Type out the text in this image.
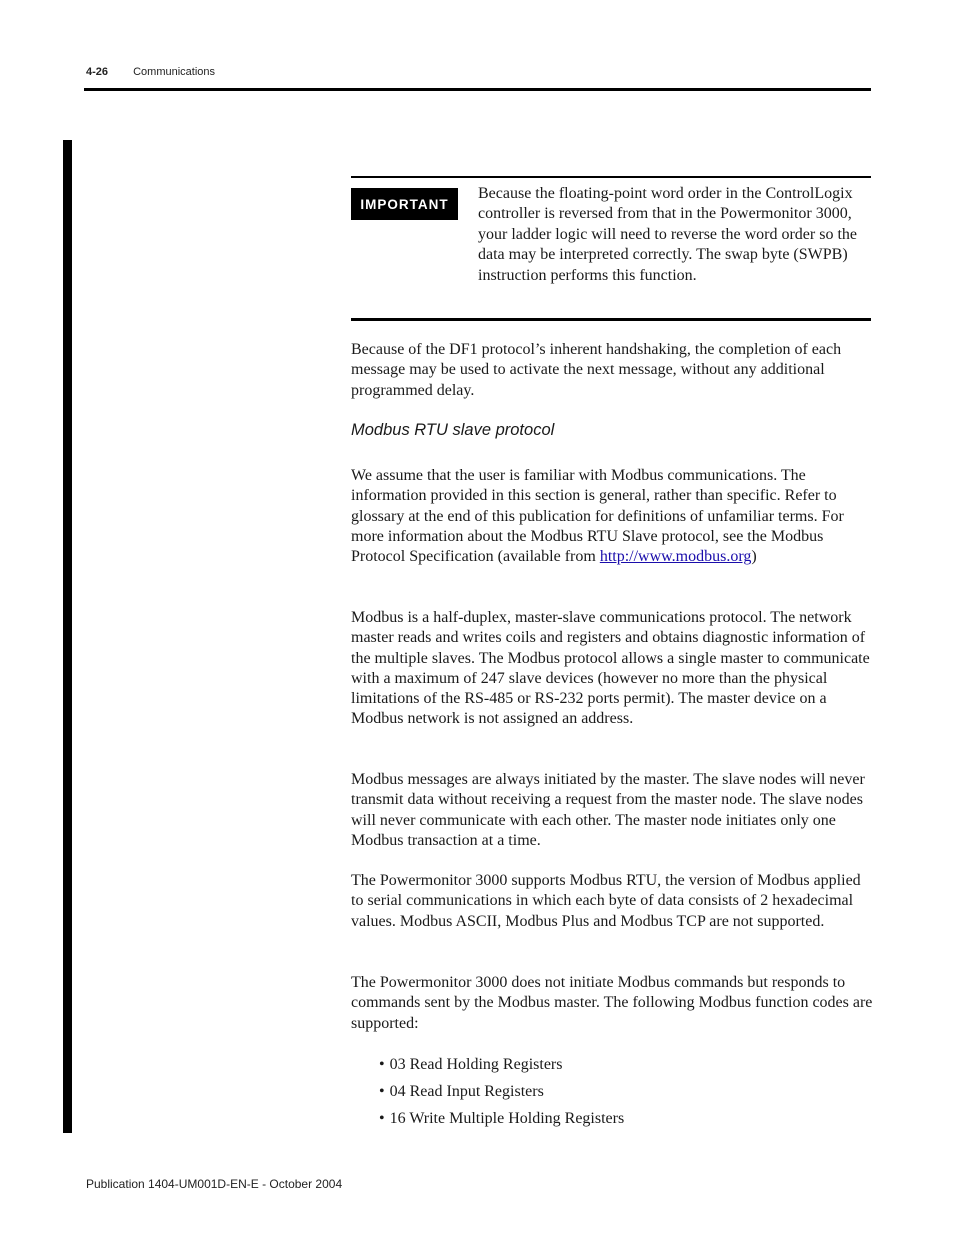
4-26 Communications
IMPORTANT
Because the floating-point word order in the ControlLogix controller is reversed from that in the Powermonitor 3000, your ladder logic will need to reverse the word order so the data may be interpreted correctly. The swap byte (SWPB) instruction performs this function.

Because of the DF1 protocol’s inherent handshaking, the completion of each message may be used to activate the next message, without any additional programmed delay.

Modbus RTU slave protocol

We assume that the user is familiar with Modbus communications. The information provided in this section is general, rather than specific. Refer to glossary at the end of this publication for definitions of unfamiliar terms. For more information about the Modbus RTU Slave protocol, see the Modbus Protocol Specification (available from http://www.modbus.org)

Modbus is a half-duplex, master-slave communications protocol. The network master reads and writes coils and registers and obtains diagnostic information of the multiple slaves. The Modbus protocol allows a single master to communicate with a maximum of 247 slave devices (however no more than the physical limitations of the RS-485 or RS-232 ports permit). The master device on a Modbus network is not assigned an address.

Modbus messages are always initiated by the master. The slave nodes will never transmit data without receiving a request from the master node. The slave nodes will never communicate with each other. The master node initiates only one Modbus transaction at a time.

The Powermonitor 3000 supports Modbus RTU, the version of Modbus applied to serial communications in which each byte of data consists of 2 hexadecimal values. Modbus ASCII, Modbus Plus and Modbus TCP are not supported.

The Powermonitor 3000 does not initiate Modbus commands but responds to commands sent by the Modbus master. The following Modbus function codes are supported:

• 03 Read Holding Registers
• 04 Read Input Registers
• 16 Write Multiple Holding Registers
Publication 1404-UM001D-EN-E - October 2004
